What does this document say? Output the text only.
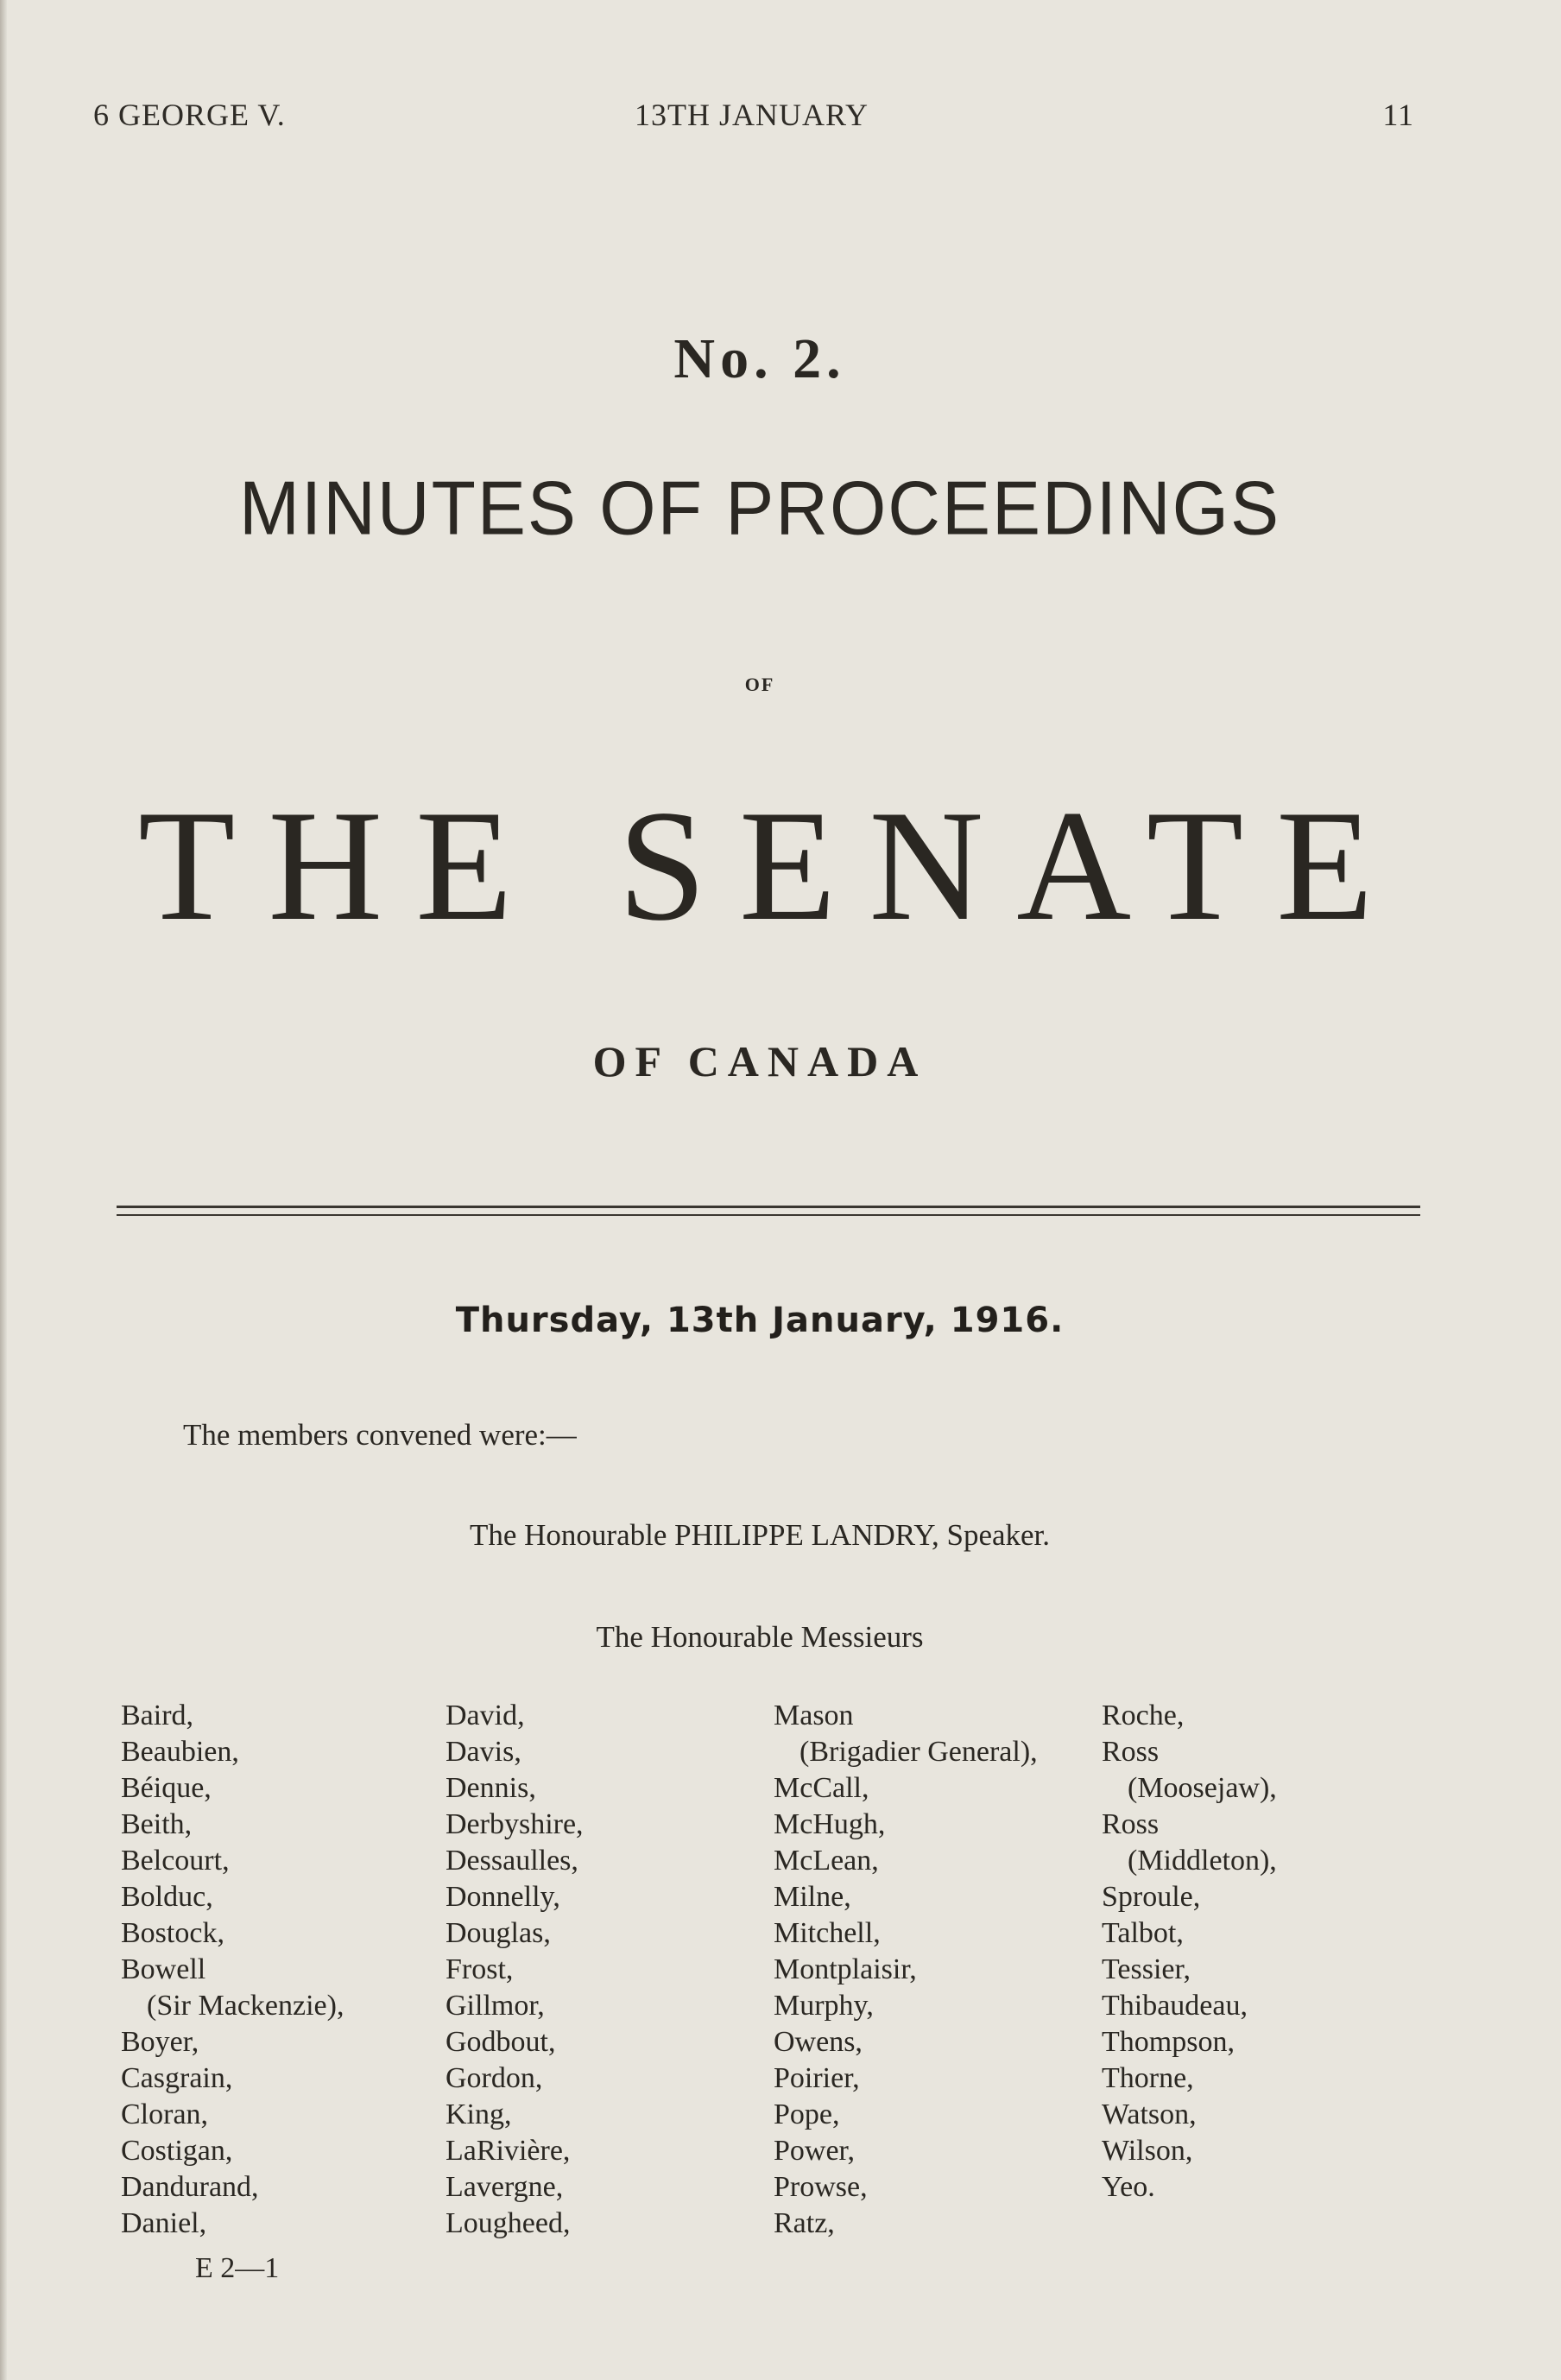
6 GEORGE V.	13TH JANUARY	11
No. 2.
MINUTES OF PROCEEDINGS
OF
THE SENATE
OF CANADA
Thursday, 13th January, 1916.
The members convened were:—
The Honourable PHILIPPE LANDRY, Speaker.
The Honourable Messieurs
Baird,
Beaubien,
Béique,
Beith,
Belcourt,
Bolduc,
Bostock,
Bowell
(Sir Mackenzie),
Boyer,
Casgrain,
Cloran,
Costigan,
Dandurand,
Daniel,
David,
Davis,
Dennis,
Derbyshire,
Dessaulles,
Donnelly,
Douglas,
Frost,
Gillmor,
Godbout,
Gordon,
King,
LaRivière,
Lavergne,
Lougheed,
Mason
(Brigadier General),
McCall,
McHugh,
McLean,
Milne,
Mitchell,
Montplaisir,
Murphy,
Owens,
Poirier,
Pope,
Power,
Prowse,
Ratz,
Roche,
Ross
(Moosejaw),
Ross
(Middleton),
Sproule,
Talbot,
Tessier,
Thibaudeau,
Thompson,
Thorne,
Watson,
Wilson,
Yeo.
E 2—1
